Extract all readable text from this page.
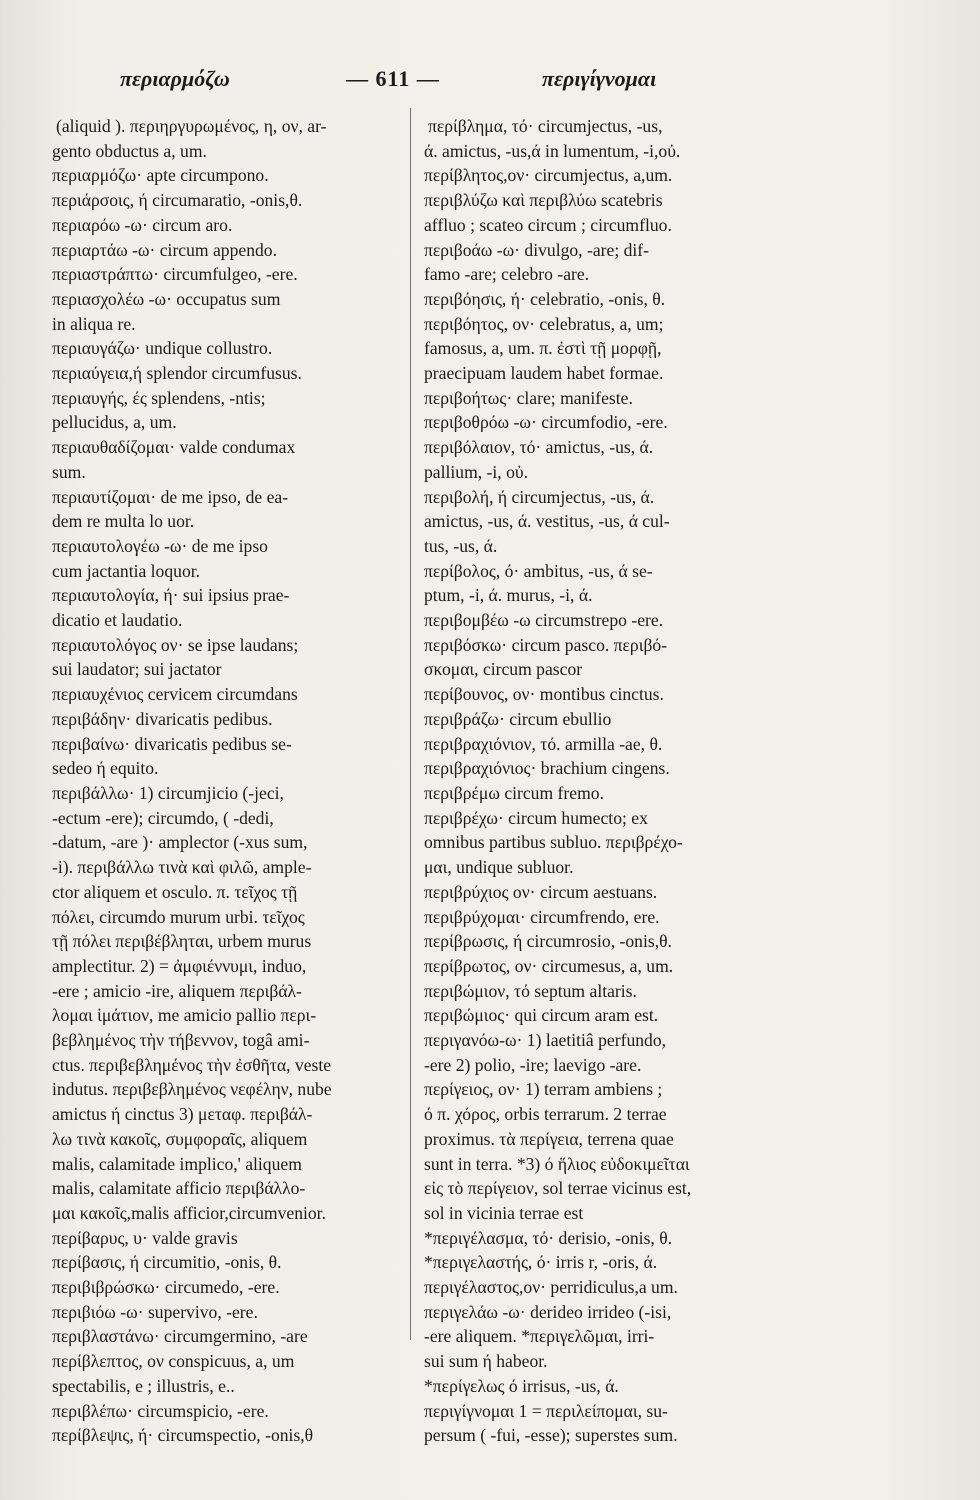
περιαρμόζω	— 611 —	περιγίγνομαι
(aliquid ). περιηργυρωμένος, η, ον, ar-
gento obductus a, um.
περιαρμόζω· apte circumpono.
περιάρσοις, ή circumaratio, -onis,θ.
περιαρόω -ω· circum aro.
περιαρτάω -ω· circum appendo.
περιαστράπτω· circumfulgeo, -ere.
περιασχολέω -ω· occupatus sum
in aliqua re.
περιαυγάζω· undique collustro.
περιαύγεια,ή splendor circumfusus.
περιαυγής, ές splendens, -ntis;
pellucidus, a, um.
περιαυθαδίζομαι· valde condumax
sum.
περιαυτίζομαι· de me ipso, de ea-
dem re multa lo uor.
περιαυτολογέω -ω· de me ipso
cum jactantia loquor.
περιαυτολογία, ή· sui ipsius prae-
dicatio et laudatio.
περιαυτολόγος ον· se ipse laudans;
sui laudator; sui jactator
περιαυχένιος cervicem circumdans
περιβάδην· divaricatis pedibus.
περιβαίνω· divaricatis pedibus se-
sedeo ή equito.
περιβάλλω· 1) circumjicio (-jeci,
-ectum -ere); circumdo, ( -dedi,
-datum, -are )· amplector (-xus sum,
-i). περιβάλλω τινὰ καὶ φιλῶ, ample-
ctor aliquem et osculo. π. τεῖχος τῇ
πόλει, circumdo murum urbi. τεῖχος
τῇ πόλει περιβέβληται, urbem murus
amplectitur. 2) = ἀμφιέννυμι, induo,
-ere ; amicio -ire, aliquem περιβάλ-
λομαι ἱμάτιον, me amicio pallio περι-
βεβλημένος τὴν τήβεννον, togâ ami-
ctus. περιβεβλημένος τὴν ἐσθῆτα, veste
indutus. περιβεβλημένος νεφέλην, nube
amictus ή cinctus 3) μεταφ. περιβάλ-
λω τινὰ κακοῖς, συμφοραῖς, aliquem
malis, calamitade implico,' aliquem
malis, calamitate afficio περιβάλλο-
μαι κακοῖς,malis afficior,circumvenior.
περίβαρυς, υ· valde gravis
περίβασις, ή circumitio, -onis, θ.
περιβιβρώσκω· circumedo, -ere.
περιβιόω -ω· supervivo, -ere.
περιβλαστάνω· circumgermino, -are
περίβλεπτος, ον conspicuus, a, um
spectabilis, e ; illustris, e..
περιβλέπω· circumspicio, -ere.
περίβλεψις, ή· circumspectio, -onis,θ
περίβλημα, τό· circumjectus, -us,
ά. amictus, -us,ά in lumentum, -i,οὐ.
περίβλητος,ον· circumjectus, a,um.
περιβλύζω καὶ περιβλύω scatebris
affluo ; scateo circum ; circumfluo.
περιβοάω -ω· divulgo, -are; dif-
famo -are; celebro -are.
περιβόησις, ή· celebratio, -onis, θ.
περιβόητος, ον· celebratus, a, um;
famosus, a, um. π. ἐστὶ τῇ μορφῇ,
praecipuam laudem habet formae.
περιβοήτως· clare; manifeste.
περιβοθρόω -ω· circumfodio, -ere.
περιβόλαιον, τό· amictus, -us, ά.
pallium, -i, οὐ.
περιβολή, ή circumjectus, -us, ά.
amictus, -us, ά. vestitus, -us, ά cul-
tus, -us, ά.
περίβολος, ό· ambitus, -us, ά se-
ptum, -i, ά. murus, -i, ά.
περιβομβέω -ω circumstrepo -ere.
περιβόσκω· circum pasco. περιβό-
σκομαι, circum pascor
περίβουνος, ον· montibus cinctus.
περιβράζω· circum ebullio
περιβραχιόνιον, τό. armilla -ae, θ.
περιβραχιόνιος· brachium cingens.
περιβρέμω circum fremo.
περιβρέχω· circum humecto; ex
omnibus partibus subluo. περιβρέχο-
μαι, undique subluor.
περιβρύχιος ον· circum aestuans.
περιβρύχομαι· circumfrendo, ere.
περίβρωσις, ή circumrosio, -onis,θ.
περίβρωτος, ον· circumesus, a, um.
περιβώμιον, τό septum altaris.
περιβώμιος· qui circum aram est.
περιγανόω-ω· 1) laetitiâ perfundo,
-ere 2) polio, -ire; laevigo -are.
περίγειος, ον· 1) terram ambiens ;
ό π. χόρος, orbis terrarum. 2 terrae
proximus. τὰ περίγεια, terrena quae
sunt in terra. *3) ό ἥλιος εὐδοκιμεῖται
εἰς τὸ περίγειον, sol terrae vicinus est,
sol in vicinia terrae est
*περιγέλασμα, τό· derisio, -onis, θ.
*περιγελαστής, ό· irris r, -oris, ά.
περιγέλαστος,ον· perridiculus,a um.
περιγελάω -ω· derideo irrideo (-isi,
-ere aliquem. *περιγελῶμαι, irri-
sui sum ή habeor.
*περίγελως ό irrisus, -us, ά.
περιγίγνομαι 1 = περιλείπομαι, su-
persum ( -fui, -esse); superstes sum.
